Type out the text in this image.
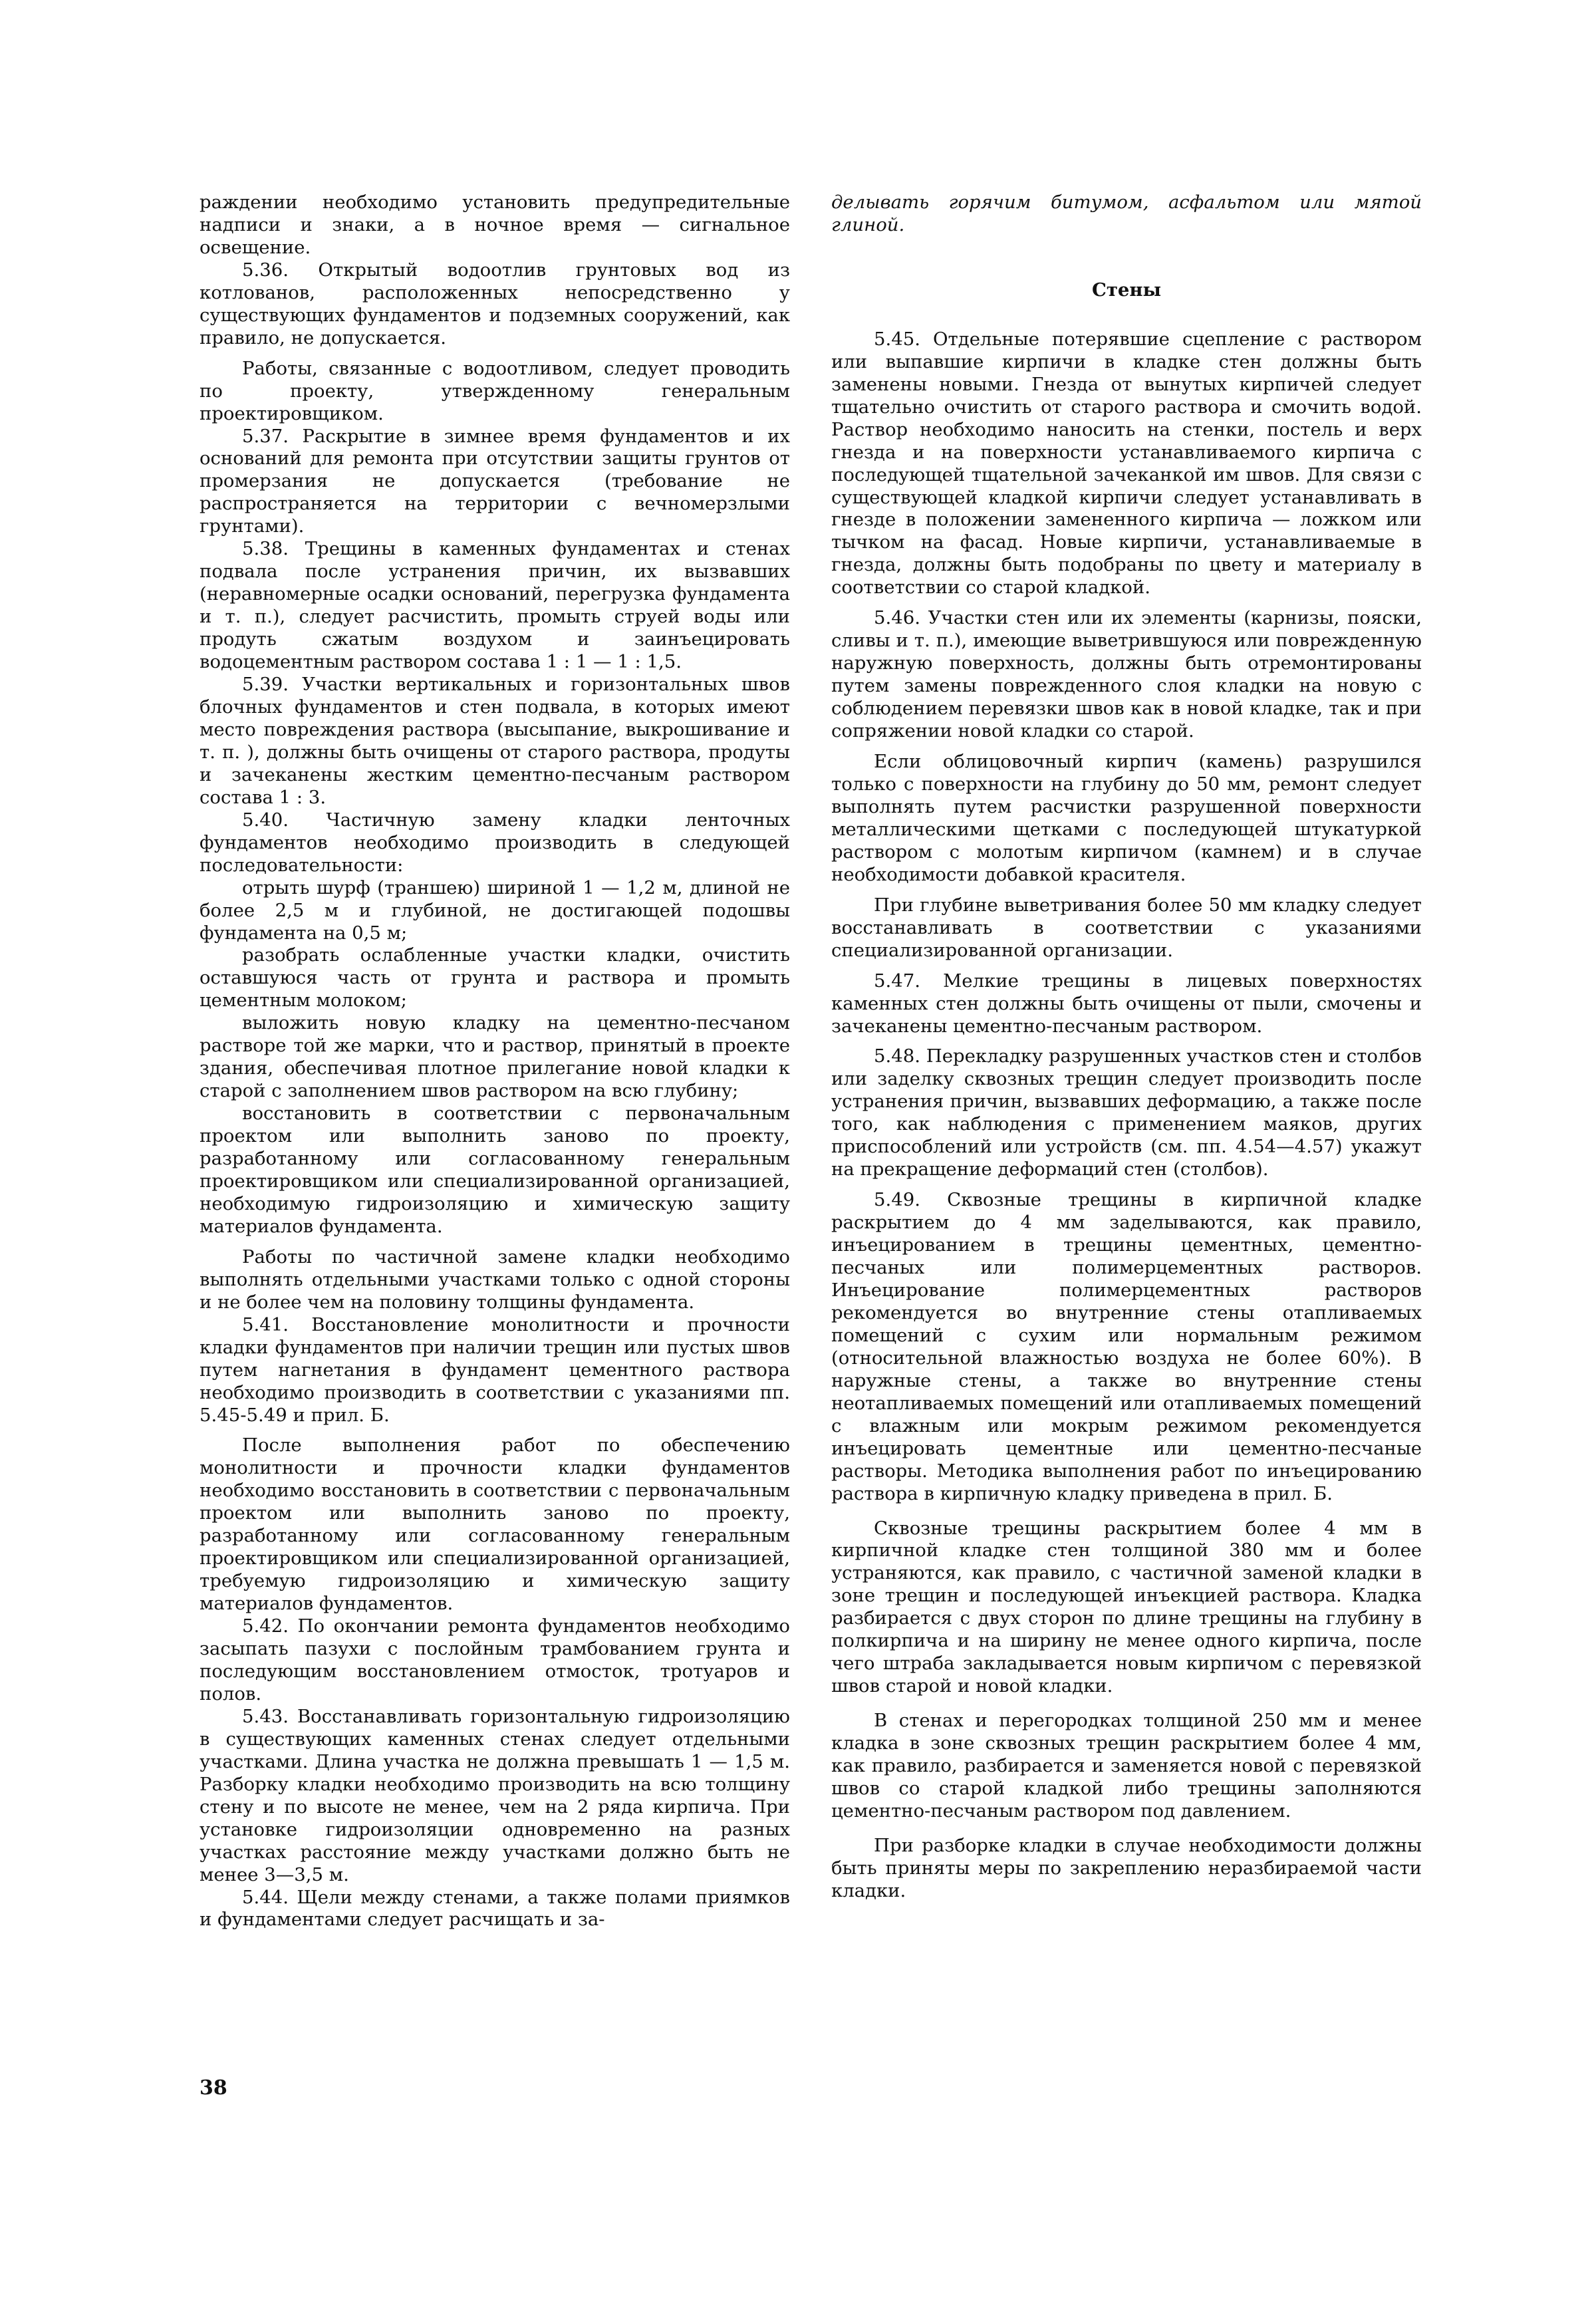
раждении необходимо установить предупредительные надписи и знаки, а в ночное время — сигнальное освещение.

5.36. Открытый водоотлив грунтовых вод из котлованов, расположенных непосредственно у существующих фундаментов и подземных сооружений, как правило, не допускается.

Работы, связанные с водоотливом, следует проводить по проекту, утвержденному генеральным проектировщиком.

5.37. Раскрытие в зимнее время фундаментов и их оснований для ремонта при отсутствии защиты грунтов от промерзания не допускается (требование не распространяется на территории с вечномерзлыми грунтами).

5.38. Трещины в каменных фундаментах и стенах подвала после устранения причин, их вызвавших (неравномерные осадки оснований, перегрузка фундамента и т. п.), следует расчистить, промыть струей воды или продуть сжатым воздухом и заинъецировать водоцементным раствором состава 1 : 1 — 1 : 1,5.

5.39. Участки вертикальных и горизонтальных швов блочных фундаментов и стен подвала, в которых имеют место повреждения раствора (высыпание, выкрошивание и т. п. ), должны быть очищены от старого раствора, продуты и зачеканены жестким цементно-песчаным раствором состава 1 : 3.

5.40. Частичную замену кладки ленточных фундаментов необходимо производить в следующей последовательности:

отрыть шурф (траншею) шириной 1 — 1,2 м, длиной не более 2,5 м и глубиной, не достигающей подошвы фундамента на 0,5 м;

разобрать ослабленные участки кладки, очистить оставшуюся часть от грунта и раствора и промыть цементным молоком;

выложить новую кладку на цементно-песчаном растворе той же марки, что и раствор, принятый в проекте здания, обеспечивая плотное прилегание новой кладки к старой с заполнением швов раствором на всю глубину;

восстановить в соответствии с первоначальным проектом или выполнить заново по проекту, разработанному или согласованному генеральным проектировщиком или специализированной организацией, необходимую гидроизоляцию и химическую защиту материалов фундамента.

Работы по частичной замене кладки необходимо выполнять отдельными участками только с одной стороны и не более чем на половину толщины фундамента.

5.41. Восстановление монолитности и прочности кладки фундаментов при наличии трещин или пустых швов путем нагнетания в фундамент цементного раствора необходимо производить в соответствии с указаниями пп. 5.45-5.49 и прил. Б.

После выполнения работ по обеспечению монолитности и прочности кладки фундаментов необходимо восстановить в соответствии с первоначальным проектом или выполнить заново по проекту, разработанному или согласованному генеральным проектировщиком или специализированной организацией, требуемую гидроизоляцию и химическую защиту материалов фундаментов.

5.42. По окончании ремонта фундаментов необходимо засыпать пазухи с послойным трамбованием грунта и последующим восстановлением отмосток, тротуаров и полов.

5.43. Восстанавливать горизонтальную гидроизоляцию в существующих каменных стенах следует отдельными участками. Длина участка не должна превышать 1 — 1,5 м. Разборку кладки необходимо производить на всю толщину стену и по высоте не менее, чем на 2 ряда кирпича. При установке гидроизоляции одновременно на разных участках расстояние между участками должно быть не менее 3—3,5 м.

5.44. Щели между стенами, а также полами приямков и фундаментами следует расчищать и за-

делывать горячим битумом, асфальтом или мятой глиной.

Стены

5.45. Отдельные потерявшие сцепление с раствором или выпавшие кирпичи в кладке стен должны быть заменены новыми. Гнезда от вынутых кирпичей следует тщательно очистить от старого раствора и смочить водой. Раствор необходимо наносить на стенки, постель и верх гнезда и на поверхности устанавливаемого кирпича с последующей тщательной зачеканкой им швов. Для связи с существующей кладкой кирпичи следует устанавливать в гнезде в положении замененного кирпича — ложком или тычком на фасад. Новые кирпичи, устанавливаемые в гнезда, должны быть подобраны по цвету и материалу в соответствии со старой кладкой.

5.46. Участки стен или их элементы (карнизы, пояски, сливы и т. п.), имеющие выветрившуюся или поврежденную наружную поверхность, должны быть отремонтированы путем замены поврежденного слоя кладки на новую с соблюдением перевязки швов как в новой кладке, так и при сопряжении новой кладки со старой.

Если облицовочный кирпич (камень) разрушился только с поверхности на глубину до 50 мм, ремонт следует выполнять путем расчистки разрушенной поверхности металлическими щетками с последующей штукатуркой раствором с молотым кирпичом (камнем) и в случае необходимости добавкой красителя.

При глубине выветривания более 50 мм кладку следует восстанавливать в соответствии с указаниями специализированной организации.

5.47. Мелкие трещины в лицевых поверхностях каменных стен должны быть очищены от пыли, смочены и зачеканены цементно-песчаным раствором.

5.48. Перекладку разрушенных участков стен и столбов или заделку сквозных трещин следует производить после устранения причин, вызвавших деформацию, а также после того, как наблюдения с применением маяков, других приспособлений или устройств (см. пп. 4.54—4.57) укажут на прекращение деформаций стен (столбов).

5.49. Сквозные трещины в кирпичной кладке раскрытием до 4 мм заделываются, как правило, инъецированием в трещины цементных, цементно-песчаных или полимерцементных растворов. Инъецирование полимерцементных растворов рекомендуется во внутренние стены отапливаемых помещений с сухим или нормальным режимом (относительной влажностью воздуха не более 60%). В наружные стены, а также во внутренние стены неотапливаемых помещений или отапливаемых помещений с влажным или мокрым режимом рекомендуется инъецировать цементные или цементно-песчаные растворы. Методика выполнения работ по инъецированию раствора в кирпичную кладку приведена в прил. Б.

Сквозные трещины раскрытием более 4 мм в кирпичной кладке стен толщиной 380 мм и более устраняются, как правило, с частичной заменой кладки в зоне трещин и последующей инъекцией раствора. Кладка разбирается с двух сторон по длине трещины на глубину в полкирпича и на ширину не менее одного кирпича, после чего штраба закладывается новым кирпичом с перевязкой швов старой и новой кладки.

В стенах и перегородках толщиной 250 мм и менее кладка в зоне сквозных трещин раскрытием более 4 мм, как правило, разбирается и заменяется новой с перевязкой швов со старой кладкой либо трещины заполняются цементно-песчаным раствором под давлением.

При разборке кладки в случае необходимости должны быть приняты меры по закреплению неразбираемой части кладки.

38
